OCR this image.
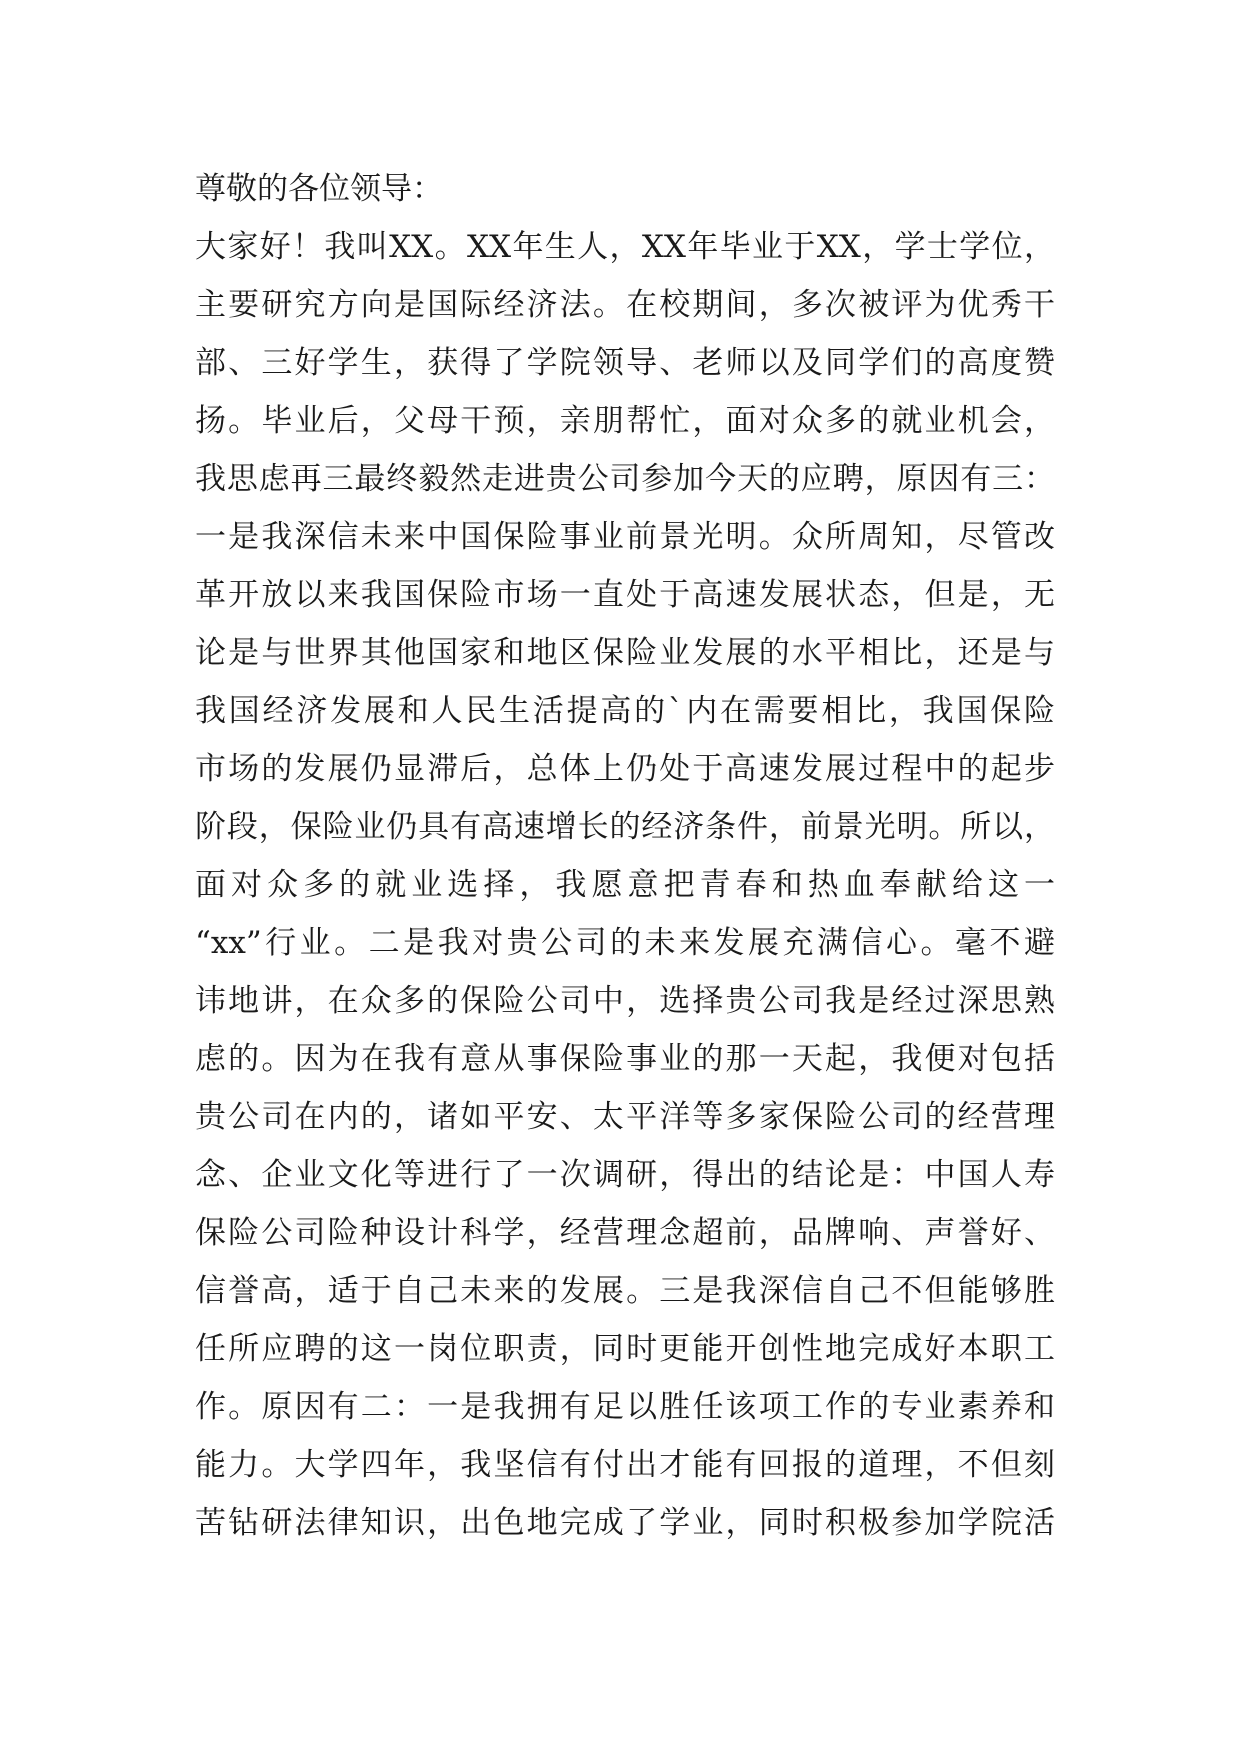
尊敬的各位领导：
大家好！我叫XX。XX年生人，XX年毕业于XX，学士学位，
主要研究方向是国际经济法。在校期间，多次被评为优秀干
部、三好学生，获得了学院领导、老师以及同学们的高度赞
扬。毕业后，父母干预，亲朋帮忙，面对众多的就业机会，
我思虑再三最终毅然走进贵公司参加今天的应聘，原因有三：
一是我深信未来中国保险事业前景光明。众所周知，尽管改
革开放以来我国保险市场一直处于高速发展状态，但是，无
论是与世界其他国家和地区保险业发展的水平相比，还是与
我国经济发展和人民生活提高的`内在需要相比，我国保险
市场的发展仍显滞后，总体上仍处于高速发展过程中的起步
阶段，保险业仍具有高速增长的经济条件，前景光明。所以，
面对众多的就业选择，我愿意把青春和热血奉献给这一
“xx”行业。二是我对贵公司的未来发展充满信心。毫不避
讳地讲，在众多的保险公司中，选择贵公司我是经过深思熟
虑的。因为在我有意从事保险事业的那一天起，我便对包括
贵公司在内的，诸如平安、太平洋等多家保险公司的经营理
念、企业文化等进行了一次调研，得出的结论是：中国人寿
保险公司险种设计科学，经营理念超前，品牌响、声誉好、
信誉高，适于自己未来的发展。三是我深信自己不但能够胜
任所应聘的这一岗位职责，同时更能开创性地完成好本职工
作。原因有二：一是我拥有足以胜任该项工作的专业素养和
能力。大学四年，我坚信有付出才能有回报的道理，不但刻
苦钻研法律知识，出色地完成了学业，同时积极参加学院活
